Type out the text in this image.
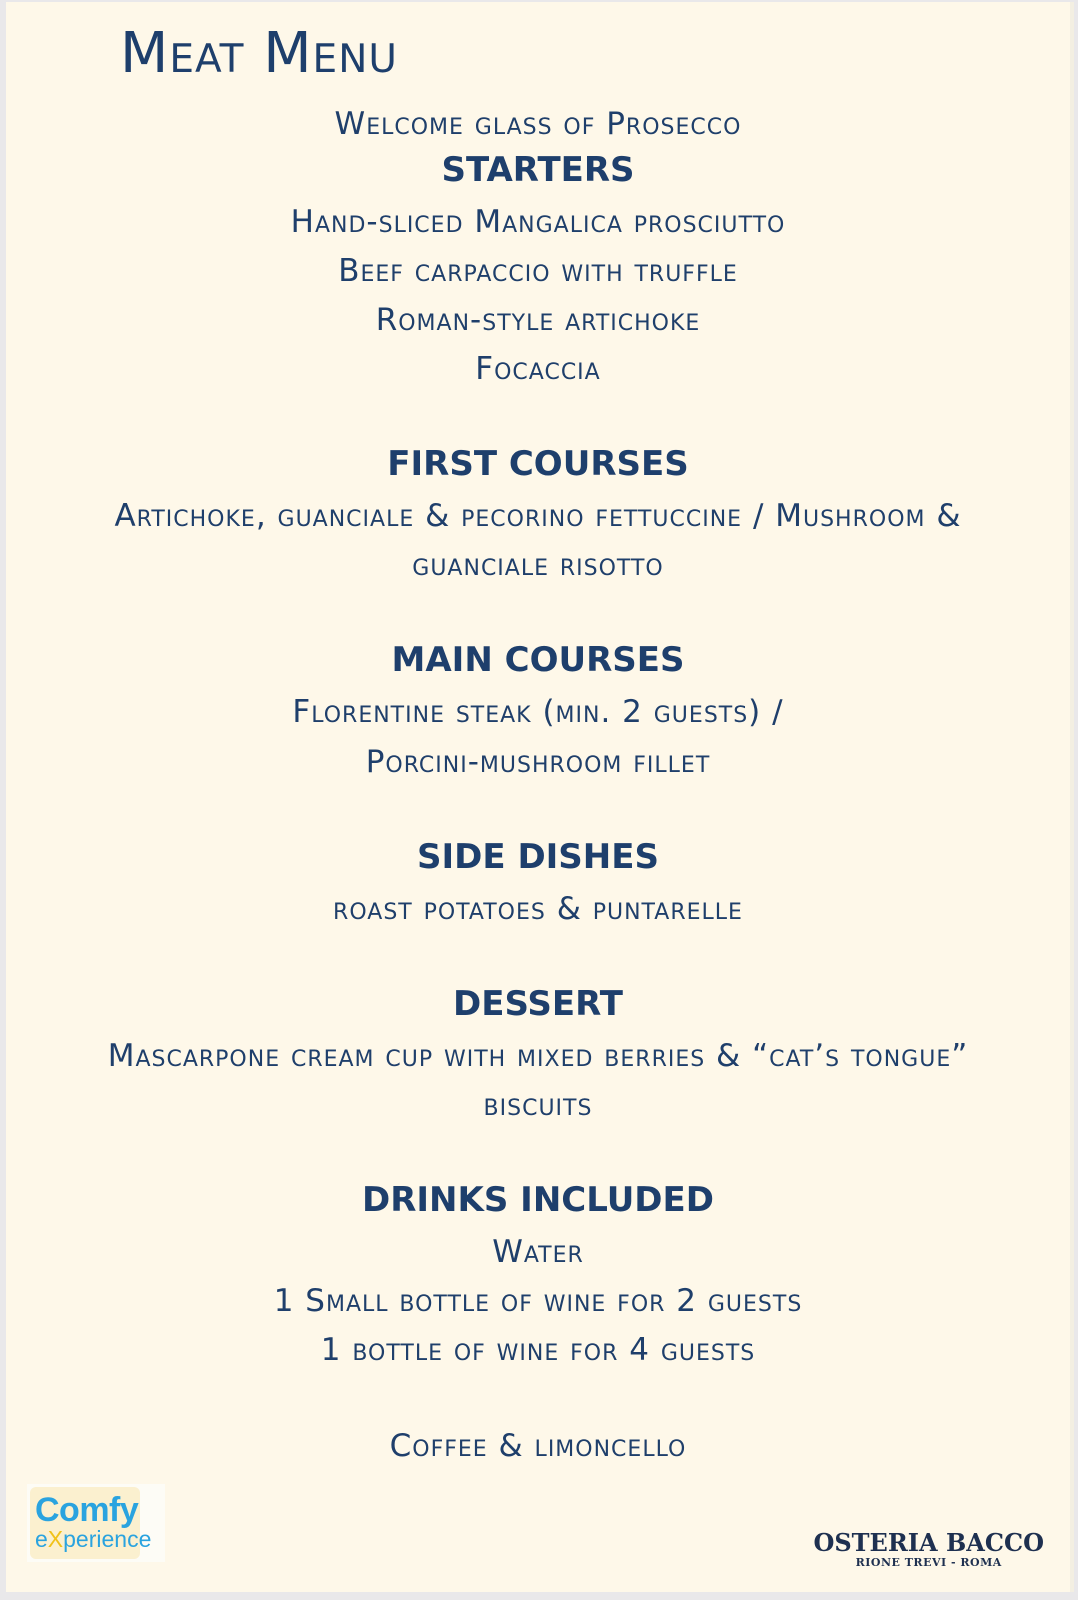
Meat Menu
Welcome glass of Prosecco
STARTERS
Hand-sliced Mangalica prosciutto
Beef carpaccio with truffle
Roman-style artichoke
Focaccia
FIRST COURSES
Artichoke, guanciale & pecorino fettuccine / Mushroom &
guanciale risotto
MAIN COURSES
Florentine steak (min. 2 guests) /
Porcini-mushroom fillet
SIDE DISHES
roast potatoes & puntarelle
DESSERT
Mascarpone cream cup with mixed berries & “cat’s tongue”
biscuits
DRINKS INCLUDED
Water
1 Small bottle of wine for 2 guests
1 bottle of wine for 4 guests
Coffee & limoncello
Comfy
eXperience	OSTERIA BACCO
RIONE TREVI - ROMA
